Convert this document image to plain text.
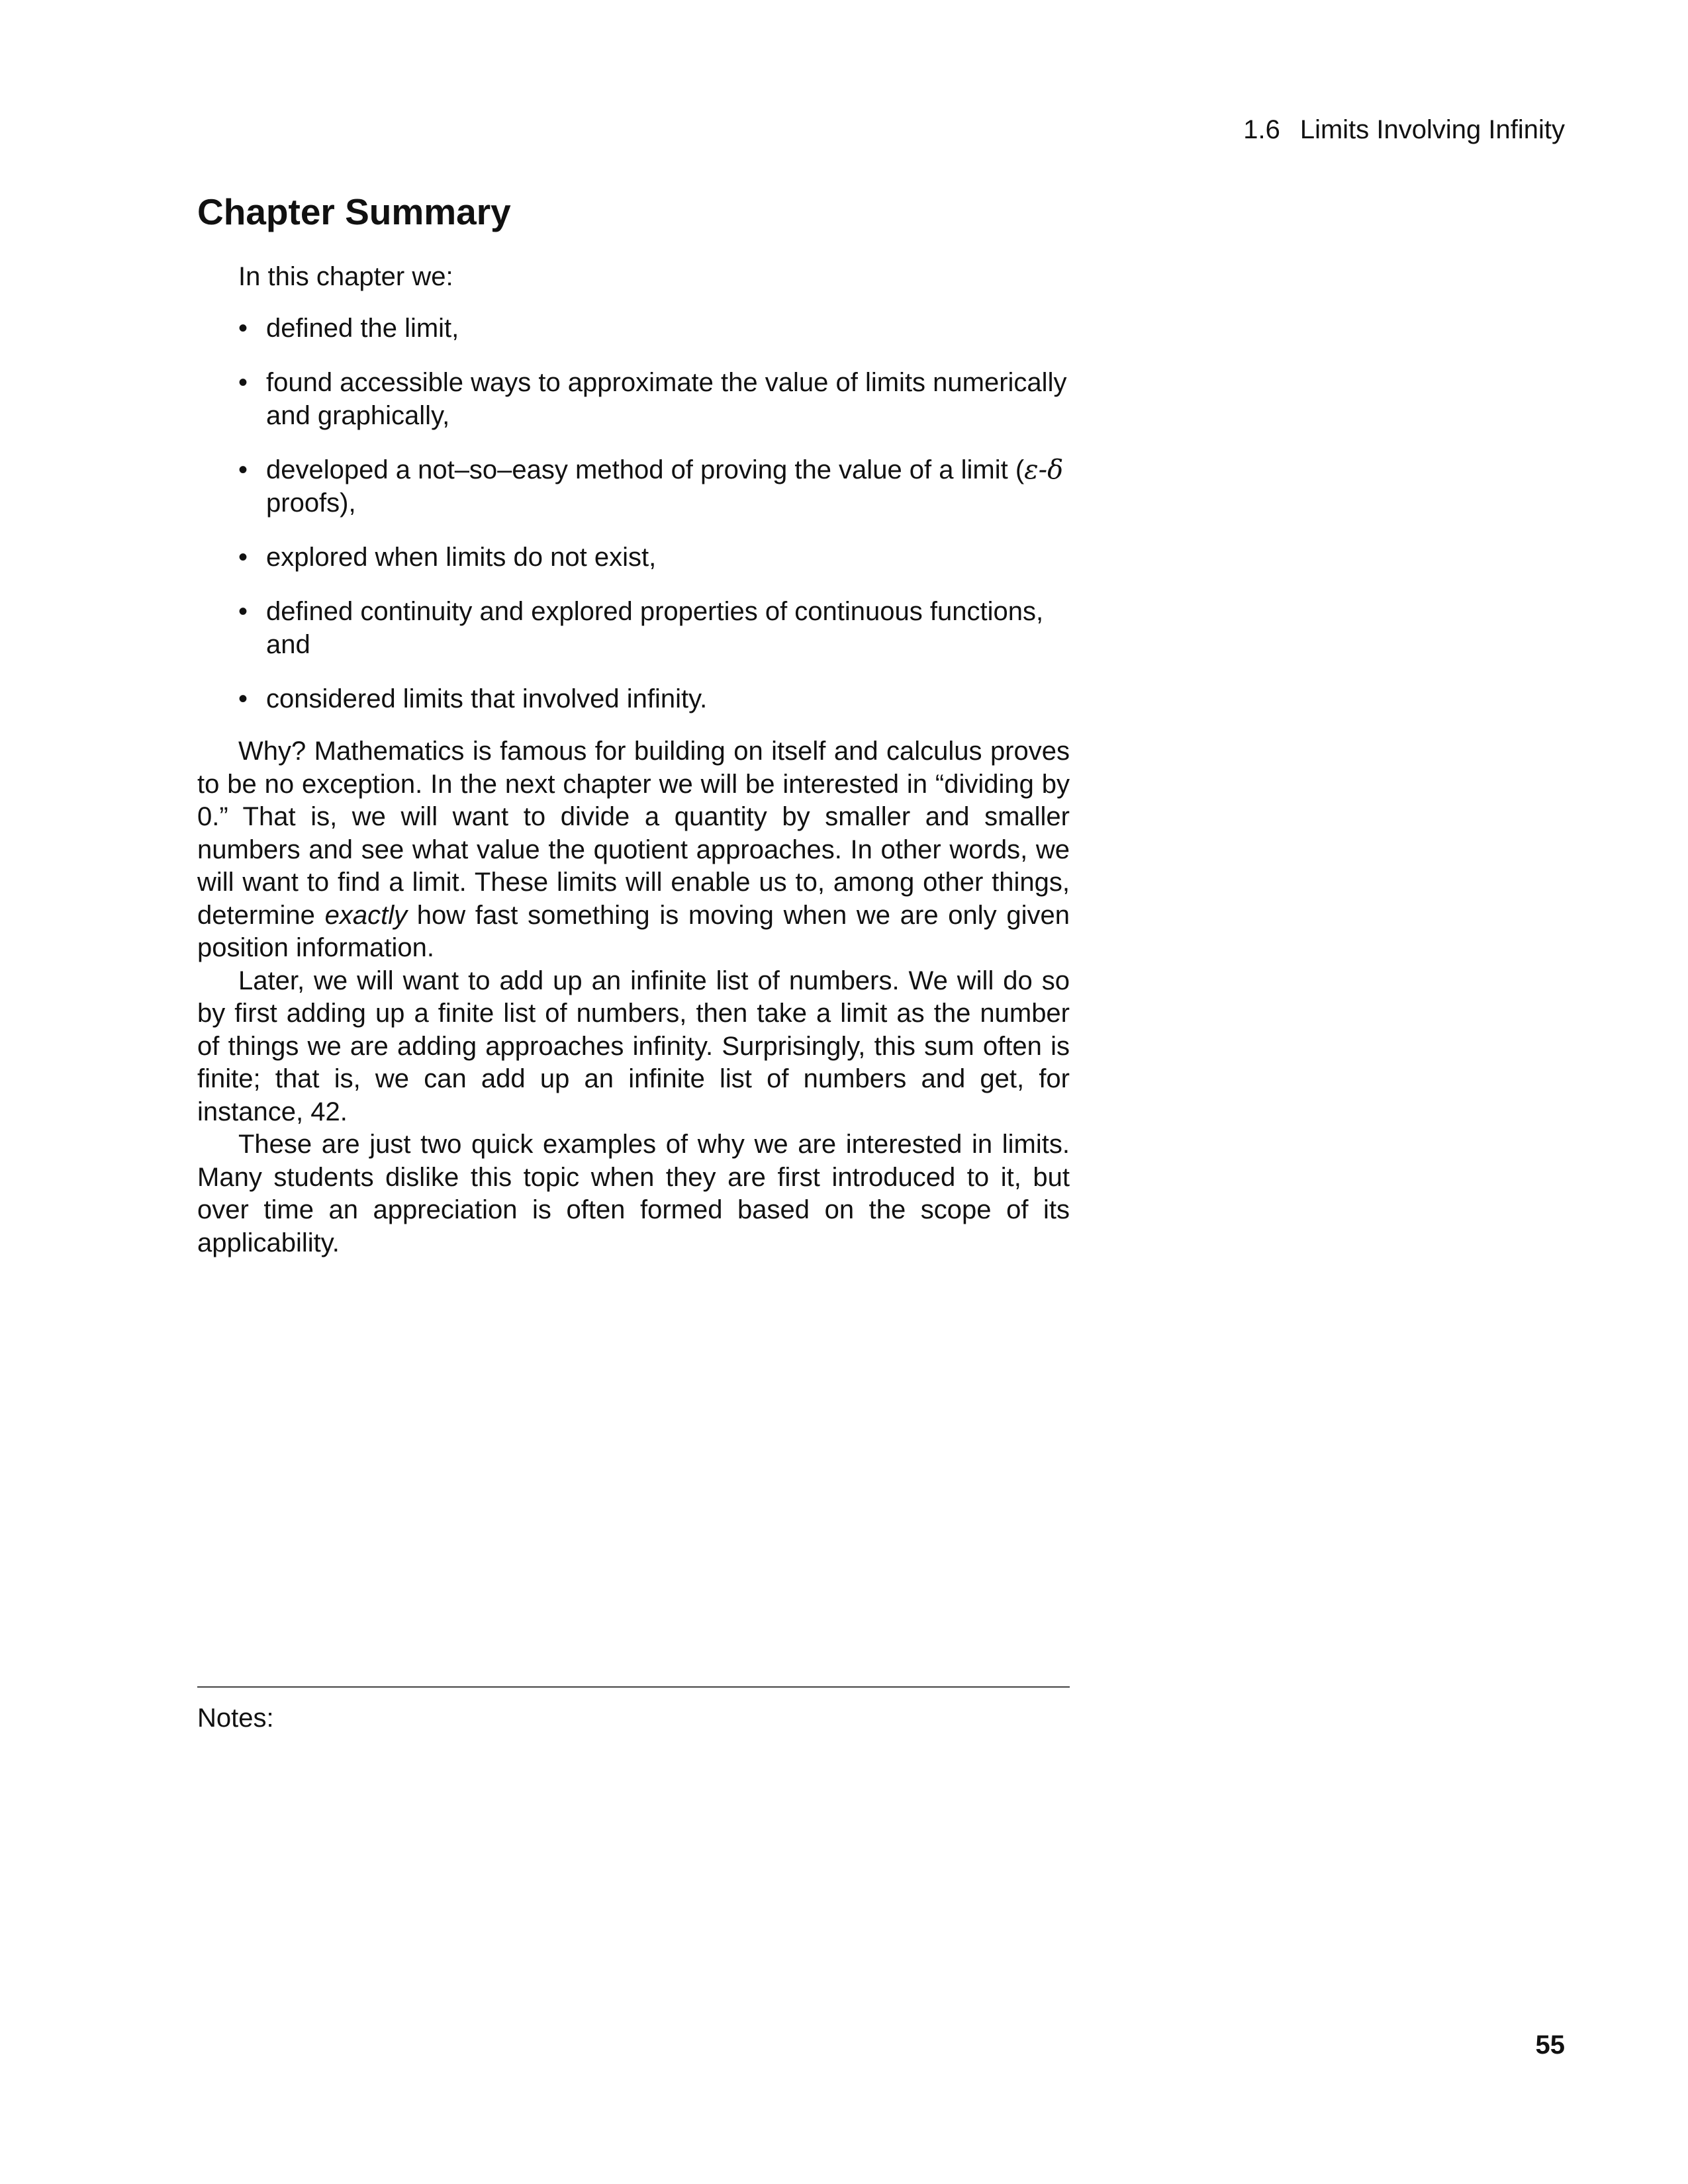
1.6 Limits Involving Infinity
Chapter Summary

In this chapter we:

• defined the limit,
• found accessible ways to approximate the value of limits numerically and graphically,
• developed a not–so–easy method of proving the value of a limit (ε-δ proofs),
• explored when limits do not exist,
• defined continuity and explored properties of continuous functions, and
• considered limits that involved infinity.

Why? Mathematics is famous for building on itself and calculus proves to be no exception. In the next chapter we will be interested in “dividing by 0.” That is, we will want to divide a quantity by smaller and smaller numbers and see what value the quotient approaches. In other words, we will want to find a limit. These limits will enable us to, among other things, determine exactly how fast something is moving when we are only given position information.

Later, we will want to add up an infinite list of numbers. We will do so by first adding up a finite list of numbers, then take a limit as the number of things we are adding approaches infinity. Surprisingly, this sum often is finite; that is, we can add up an infinite list of numbers and get, for instance, 42.

These are just two quick examples of why we are interested in limits. Many students dislike this topic when they are first introduced to it, but over time an appreciation is often formed based on the scope of its applicability.

Notes:
55
